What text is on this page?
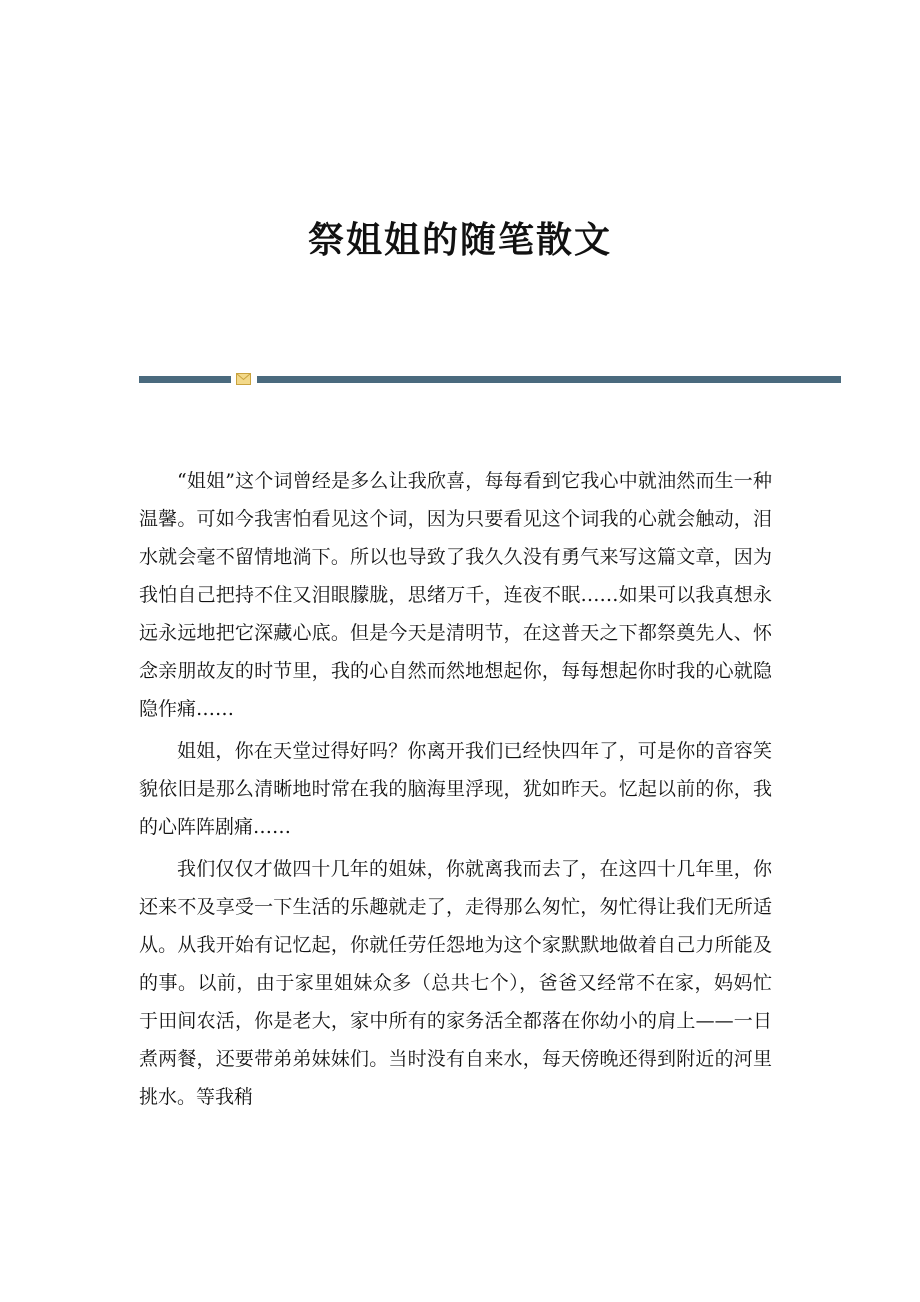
祭姐姐的随笔散文

“姐姐”这个词曾经是多么让我欣喜，每每看到它我心中就油然而生一种温馨。可如今我害怕看见这个词，因为只要看见这个词我的心就会触动，泪水就会毫不留情地淌下。所以也导致了我久久没有勇气来写这篇文章，因为我怕自己把持不住又泪眼朦胧，思绪万千，连夜不眠……如果可以我真想永远永远地把它深藏心底。但是今天是清明节，在这普天之下都祭奠先人、怀念亲朋故友的时节里，我的心自然而然地想起你，每每想起你时我的心就隐隐作痛……

姐姐，你在天堂过得好吗？你离开我们已经快四年了，可是你的音容笑貌依旧是那么清晰地时常在我的脑海里浮现，犹如昨天。忆起以前的你，我的心阵阵剧痛……

我们仅仅才做四十几年的姐妹，你就离我而去了，在这四十几年里，你还来不及享受一下生活的乐趣就走了，走得那么匆忙，匆忙得让我们无所适从。从我开始有记忆起，你就任劳任怨地为这个家默默地做着自己力所能及的事。以前，由于家里姐妹众多（总共七个），爸爸又经常不在家，妈妈忙于田间农活，你是老大，家中所有的家务活全都落在你幼小的肩上——一日煮两餐，还要带弟弟妹妹们。当时没有自来水，每天傍晚还得到附近的河里挑水。等我稍
